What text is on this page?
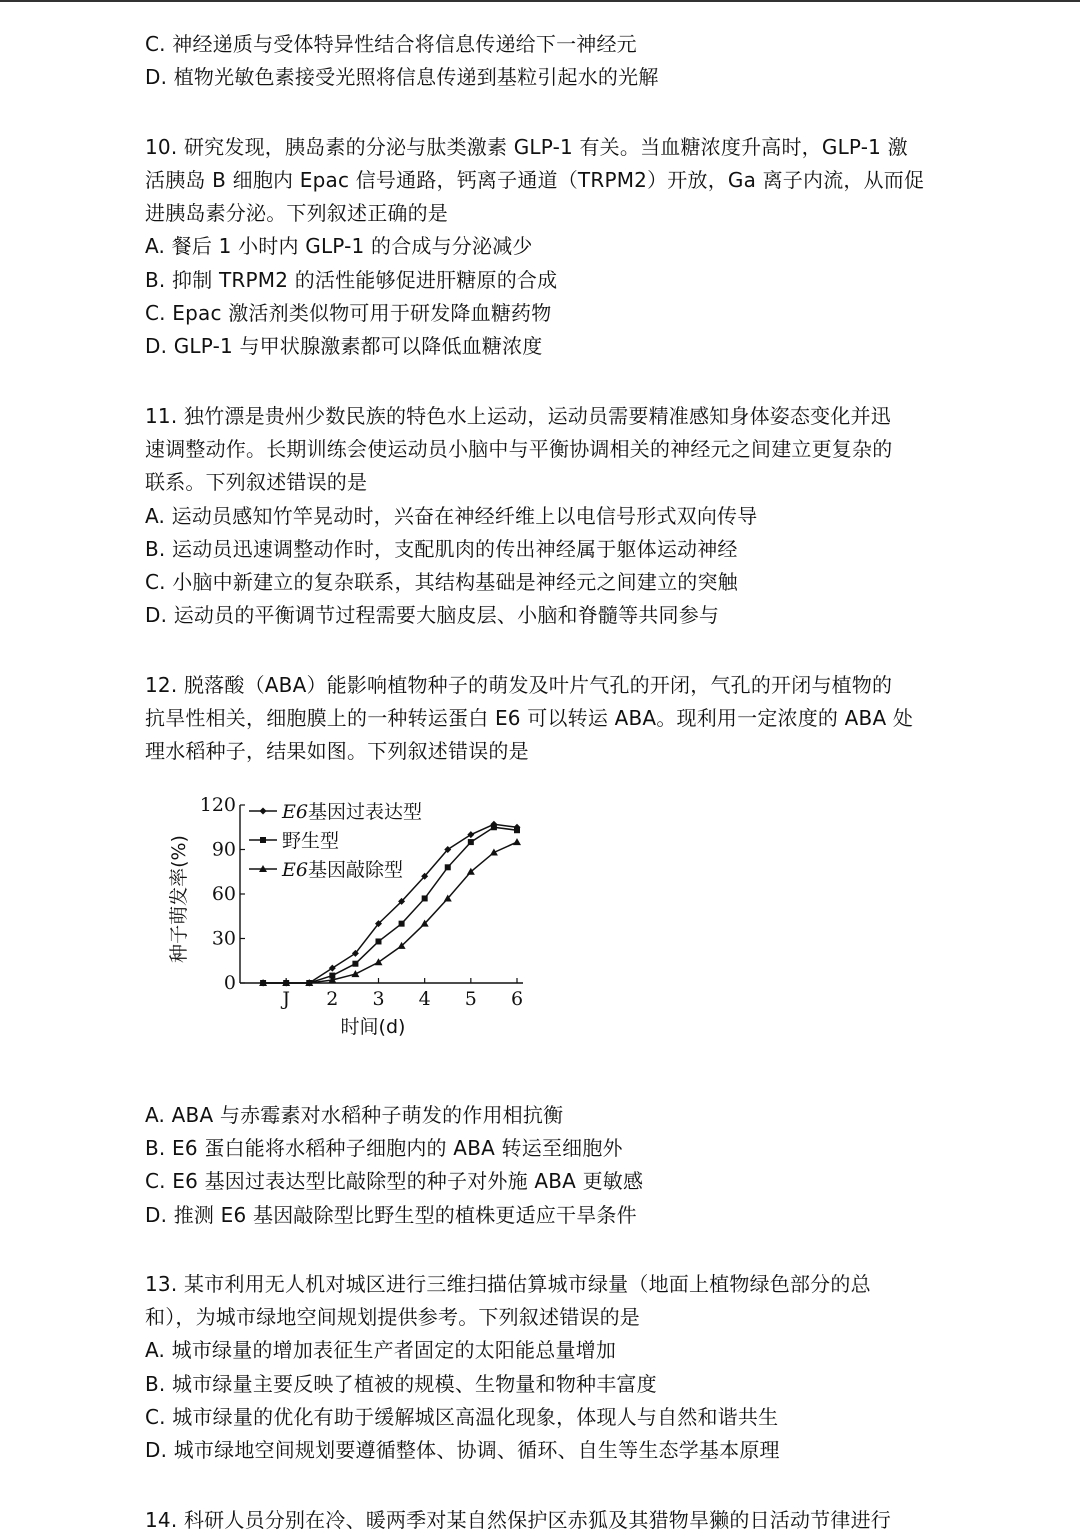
C. 神经递质与受体特异性结合将信息传递给下一神经元
D. 植物光敏色素接受光照将信息传递到基粒引起水的光解
10. 研究发现，胰岛素的分泌与肽类激素 GLP-1 有关。当血糖浓度升高时，GLP-1 激
活胰岛 B 细胞内 Epac 信号通路，钙离子通道（TRPM2）开放，Ga 离子内流，从而促
进胰岛素分泌。下列叙述正确的是
A. 餐后 1 小时内 GLP-1 的合成与分泌减少
B. 抑制 TRPM2 的活性能够促进肝糖原的合成
C. Epac 激活剂类似物可用于研发降血糖药物
D. GLP-1 与甲状腺激素都可以降低血糖浓度
11. 独竹漂是贵州少数民族的特色水上运动，运动员需要精准感知身体姿态变化并迅
速调整动作。长期训练会使运动员小脑中与平衡协调相关的神经元之间建立更复杂的
联系。下列叙述错误的是
A. 运动员感知竹竿晃动时，兴奋在神经纤维上以电信号形式双向传导
B. 运动员迅速调整动作时，支配肌肉的传出神经属于躯体运动神经
C. 小脑中新建立的复杂联系，其结构基础是神经元之间建立的突触
D. 运动员的平衡调节过程需要大脑皮层、小脑和脊髓等共同参与
12. 脱落酸（ABA）能影响植物种子的萌发及叶片气孔的开闭，气孔的开闭与植物的
抗旱性相关，细胞膜上的一种转运蛋白 E6 可以转运 ABA。现利用一定浓度的 ABA 处
理水稻种子，结果如图。下列叙述错误的是
0
30
60
90
120
J 2 3 4 5 6
E6基因过表达型
野生型
E6基因敲除型
种子萌发率(%)
时间(d)
A. ABA 与赤霉素对水稻种子萌发的作用相抗衡
B. E6 蛋白能将水稻种子细胞内的 ABA 转运至细胞外
C. E6 基因过表达型比敲除型的种子对外施 ABA 更敏感
D. 推测 E6 基因敲除型比野生型的植株更适应干旱条件
13. 某市利用无人机对城区进行三维扫描估算城市绿量（地面上植物绿色部分的总
和），为城市绿地空间规划提供参考。下列叙述错误的是
A. 城市绿量的增加表征生产者固定的太阳能总量增加
B. 城市绿量主要反映了植被的规模、生物量和物种丰富度
C. 城市绿量的优化有助于缓解城区高温化现象，体现人与自然和谐共生
D. 城市绿地空间规划要遵循整体、协调、循环、自生等生态学基本原理
14. 科研人员分别在冷、暖两季对某自然保护区赤狐及其猎物旱獭的日活动节律进行
